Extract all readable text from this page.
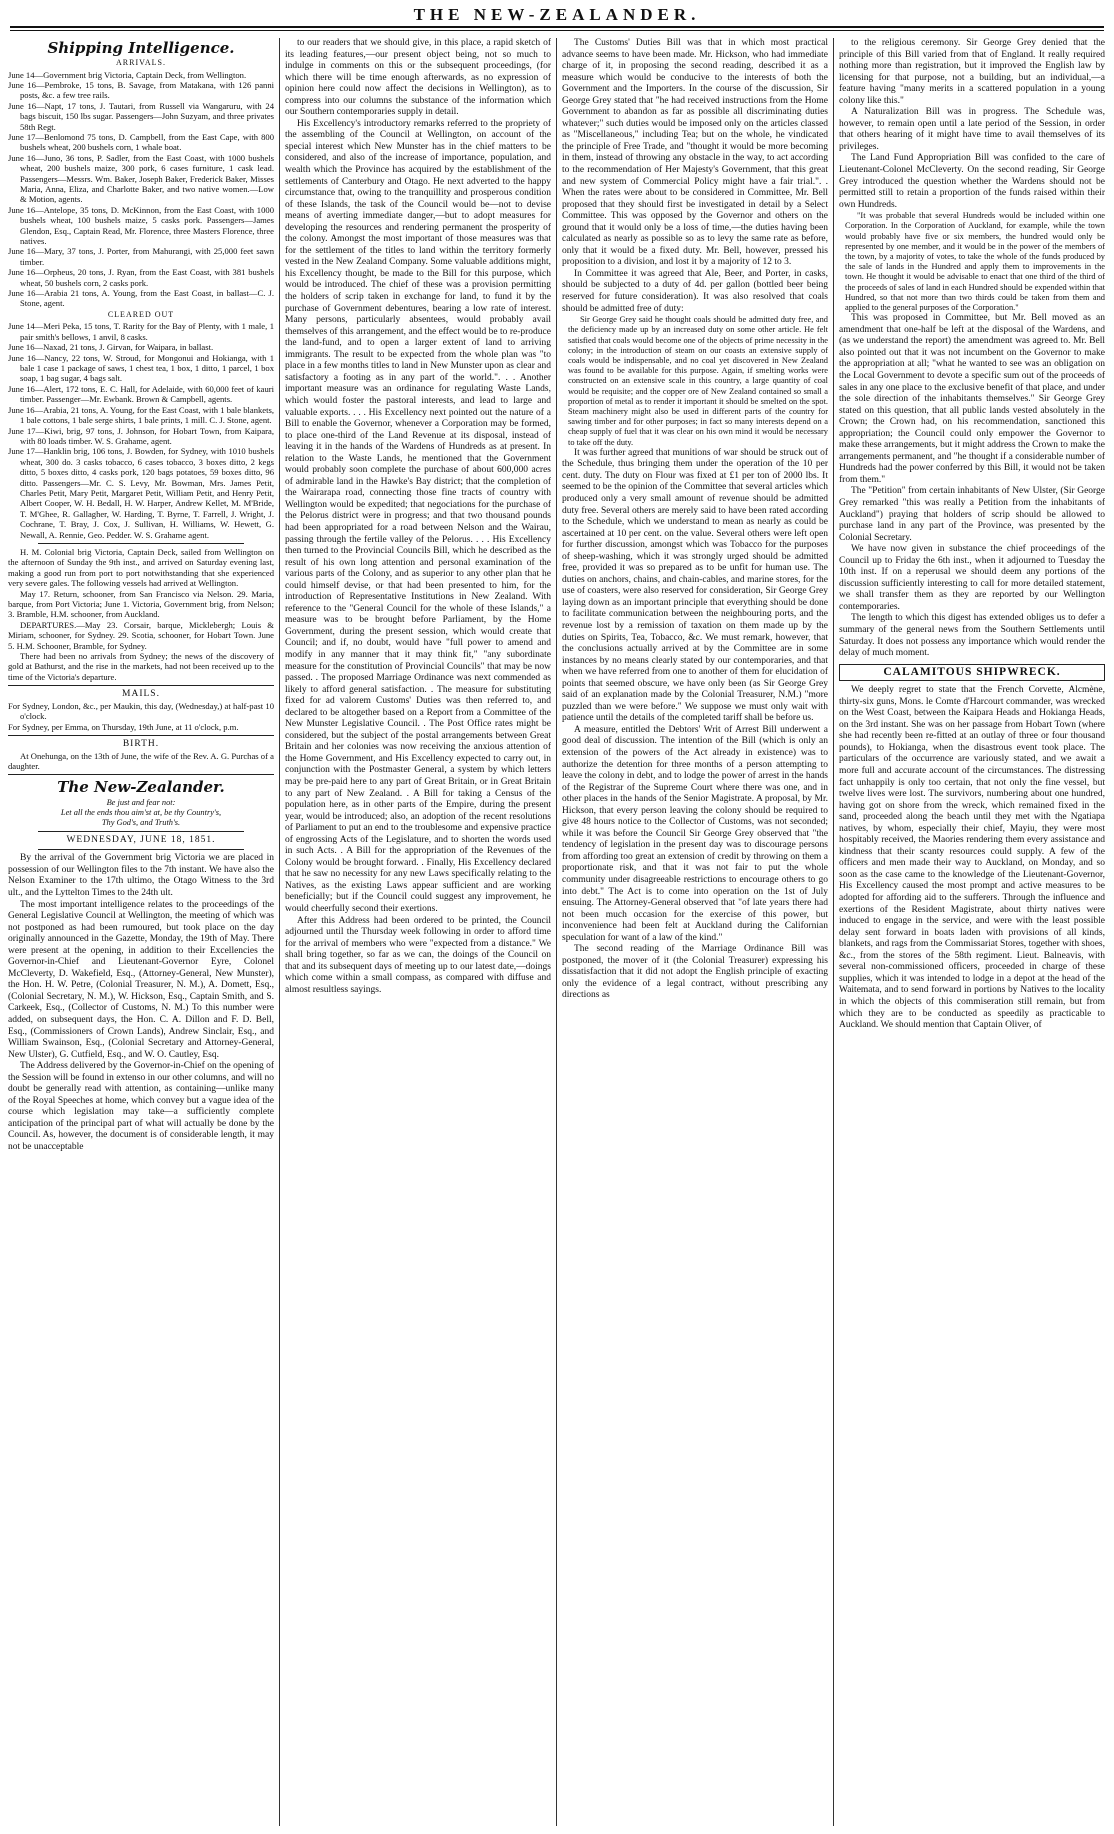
THE NEW-ZEALANDER.
Shipping Intelligence.
ARRIVALS.

June 14—Government brig Victoria, Captain Deck, from Wellington.

June 16—Pembroke, 15 tons, B. Savage, from Matakana, with 126 panni posts, &c. a few tree rails.

June 16—Napt, 17 tons, J. Tautari, from Russell via Wangaruru, with 24 bags biscuit, 150 lbs sugar. Passengers—John Suzyam, and three privates 58th Regt.

June 17—Benlomond 75 tons, D. Campbell, from the East Cape, with 800 bushels wheat, 200 bushels corn, 1 whale boat.

June 16—Juno, 36 tons, P. Sadler, from the East Coast, with 1000 bushels wheat, 200 bushels maize, 300 pork, 6 cases furniture, 1 cask lead. Passengers—Messrs. Wm. Baker, Joseph Baker, Frederick Baker, Misses Maria, Anna, Eliza, and Charlotte Baker, and two native women.—Low & Motion, agents.

June 16—Antelope, 35 tons, D. McKinnon, from the East Coast, with 1000 bushels wheat, 100 bushels maize, 5 casks pork. Passengers—James Glendon, Esq., Captain Read, Mr. Florence, three Masters Florence, three natives.

June 16—Mary, 37 tons, J. Porter, from Mahurangi, with 25,000 feet sawn timber.

June 16—Orpheus, 20 tons, J. Ryan, from the East Coast, with 381 bushels wheat, 50 bushels corn, 2 casks pork.

June 16—Arabia 21 tons, A. Young, from the East Coast, in ballast—C. J. Stone, agent.

CLEARED OUT

June 14—Meri Peka, 15 tons, T. Rarity for the Bay of Plenty, with 1 male, 1 pair smith's bellows, 1 anvil, 8 casks.

June 16—Naxad, 21 tons, J. Girvan, for Waipara, in ballast.

June 16—Nancy, 22 tons, W. Stroud, for Mongonui and Hokianga, with 1 bale 1 case 1 package of saws, 1 chest tea, 1 box, 1 ditto, 1 parcel, 1 box soap, 1 bag sugar, 4 bags salt.

June 16—Alert, 172 tons, E. C. Hall, for Adelaide, with 60,000 feet of kauri timber. Passenger—Mr. Ewbank. Brown & Campbell, agents.

June 16—Arabia, 21 tons, A. Young, for the East Coast, with 1 bale blankets, 1 bale cottons, 1 bale serge shirts, 1 bale prints, 1 mill. C. J. Stone, agent.

June 17—Kiwi, brig, 97 tons, J. Johnson, for Hobart Town, from Kaipara, with 80 loads timber. W. S. Grahame, agent.

June 17—Hanklin brig, 106 tons, J. Bowden, for Sydney, with 1010 bushels wheat, 300 do. 3 casks tobacco, 6 cases tobacco, 3 boxes ditto, 2 kegs ditto, 5 boxes ditto, 4 casks pork, 120 bags potatoes, 59 boxes ditto, 96 ditto. Passengers—Mr. C. S. Levy, Mr. Bowman, Mrs. James Petit, Charles Petit, Mary Petit, Margaret Petit, William Petit, and Henry Petit, Albert Cooper, W. H. Bedall, H. W. Harper, Andrew Kellet, M. M'Bride, T. M'Ghee, R. Gallagher, W. Harding, T. Byrne, T. Farrell, J. Wright, J. Cochrane, T. Bray, J. Cox, J. Sullivan, H. Williams, W. Hewett, G. Newall, A. Rennie, Geo. Pedder. W. S. Grahame agent.

H. M. Colonial brig Victoria, Captain Deck, sailed from Wellington on the afternoon of Sunday the 9th inst., and arrived on Saturday evening last, making a good run from port to port notwithstanding that she experienced very severe gales. The following vessels had arrived at Wellington.

May 17. Return, schooner, from San Francisco via Nelson. 29. Maria, barque, from Port Victoria; June 1. Victoria, Government brig, from Nelson; 3. Bramble, H.M. schooner, from Auckland.

DEPARTURES.—May 23. Corsair, barque, Micklebergh; Louis & Miriam, schooner, for Sydney. 29. Scotia, schooner, for Hobart Town. June 5. H.M. Schooner, Bramble, for Sydney.

There had been no arrivals from Sydney; the news of the discovery of gold at Bathurst, and the rise in the markets, had not been received up to the time of the Victoria's departure.

MAILS.

For Sydney, London, &c., per Maukin, this day, (Wednesday,) at half-past 10 o'clock.

For Sydney, per Emma, on Thursday, 19th June, at 11 o'clock, p.m.

BIRTH.

At Onehunga, on the 13th of June, the wife of the Rev. A. G. Purchas of a daughter.

The New-Zealander.

Be just and fear not:

Let all the ends thou aim'st at, be thy Country's,

Thy God's, and Truth's.

WEDNESDAY, JUNE 18, 1851.

By the arrival of the Government brig Victoria we are placed in possession of our Wellington files to the 7th instant. We have also the Nelson Examiner to the 17th ultimo, the Otago Witness to the 3rd ult., and the Lyttelton Times to the 24th ult.

The most important intelligence relates to the proceedings of the General Legislative Council at Wellington, the meeting of which was not postponed as had been rumoured, but took place on the day originally announced in the Gazette, Monday, the 19th of May. There were present at the opening, in addition to their Excellencies the Governor-in-Chief and Lieutenant-Governor Eyre, Colonel McCleverty, D. Wakefield, Esq., (Attorney-General, New Munster), the Hon. H. W. Petre, (Colonial Treasurer, N. M.), A. Domett, Esq., (Colonial Secretary, N. M.), W. Hickson, Esq., Captain Smith, and S. Carkeek, Esq., (Collector of Customs, N. M.) To this number were added, on subsequent days, the Hon. C. A. Dillon and F. D. Bell, Esq., (Commissioners of Crown Lands), Andrew Sinclair, Esq., and William Swainson, Esq., (Colonial Secretary and Attorney-General, New Ulster), G. Cutfield, Esq., and W. O. Cautley, Esq.

The Address delivered by the Governor-in-Chief on the opening of the Session will be found in extenso in our other columns, and will no doubt be generally read with attention, as containing—unlike many of the Royal Speeches at home, which convey but a vague idea of the course which legislation may take—a sufficiently complete anticipation of the principal part of what will actually be done by the Council. As, however, the document is of considerable length, it may not be unacceptable

to our readers that we should give, in this place, a rapid sketch of its leading features,—our present object being, not so much to indulge in comments on this or the subsequent proceedings, (for which there will be time enough afterwards, as no expression of opinion here could now affect the decisions in Wellington), as to compress into our columns the substance of the information which our Southern contemporaries supply in detail.

His Excellency's introductory remarks referred to the propriety of the assembling of the Council at Wellington, on account of the special interest which New Munster has in the chief matters to be considered, and also of the increase of importance, population, and wealth which the Province has acquired by the establishment of the settlements of Canterbury and Otago. He next adverted to the happy circumstance that, owing to the tranquillity and prosperous condition of these Islands, the task of the Council would be—not to devise means of averting immediate danger,—but to adopt measures for developing the resources and rendering permanent the prosperity of the colony. Amongst the most important of those measures was that for the settlement of the titles to land within the territory formerly vested in the New Zealand Company. Some valuable additions might, his Excellency thought, be made to the Bill for this purpose, which would be introduced. The chief of these was a provision permitting the holders of scrip taken in exchange for land, to fund it by the purchase of Government debentures, bearing a low rate of interest. Many persons, particularly absentees, would probably avail themselves of this arrangement, and the effect would be to re-produce the land-fund, and to open a larger extent of land to arriving immigrants. The result to be expected from the whole plan was "to place in a few months titles to land in New Munster upon as clear and satisfactory a footing as in any part of the world.". . . Another important measure was an ordinance for regulating Waste Lands, which would foster the pastoral interests, and lead to large and valuable exports. . . . His Excellency next pointed out the nature of a Bill to enable the Governor, whenever a Corporation may be formed, to place one-third of the Land Revenue at its disposal, instead of leaving it in the hands of the Wardens of Hundreds as at present. In relation to the Waste Lands, he mentioned that the Government would probably soon complete the purchase of about 600,000 acres of admirable land in the Hawke's Bay district; that the completion of the Wairarapa road, connecting those fine tracts of country with Wellington would be expedited; that negociations for the purchase of the Pelorus district were in progress; and that two thousand pounds had been appropriated for a road between Nelson and the Wairau, passing through the fertile valley of the Pelorus. . . . His Excellency then turned to the Provincial Councils Bill, which he described as the result of his own long attention and personal examination of the various parts of the Colony, and as superior to any other plan that he could himself devise, or that had been presented to him, for the introduction of Representative Institutions in New Zealand. With reference to the "General Council for the whole of these Islands," a measure was to be brought before Parliament, by the Home Government, during the present session, which would create that Council; and if, no doubt, would have "full power to amend and modify in any manner that it may think fit," "any subordinate measure for the constitution of Provincial Councils" that may be now passed. . The proposed Marriage Ordinance was next commended as likely to afford general satisfaction. . The measure for substituting fixed for ad valorem Customs' Duties was then referred to, and declared to be altogether based on a Report from a Committee of the New Munster Legislative Council. . The Post Office rates might be considered, but the subject of the postal arrangements between Great Britain and her colonies was now receiving the anxious attention of the Home Government, and His Excellency expected to carry out, in conjunction with the Postmaster General, a system by which letters may be pre-paid here to any part of Great Britain, or in Great Britain to any part of New Zealand. . A Bill for taking a Census of the population here, as in other parts of the Empire, during the present year, would be introduced; also, an adoption of the recent resolutions of Parliament to put an end to the troublesome and expensive practice of engrossing Acts of the Legislature, and to shorten the words used in such Acts. . A Bill for the appropriation of the Revenues of the Colony would be brought forward. . Finally, His Excellency declared that he saw no necessity for any new Laws specifically relating to the Natives, as the existing Laws appear sufficient and are working beneficially; but if the Council could suggest any improvement, he would cheerfully second their exertions.

After this Address had been ordered to be printed, the Council adjourned until the Thursday week following in order to afford time for the arrival of members who were "expected from a distance." We shall bring together, so far as we can, the doings of the Council on that and its subsequent days of meeting up to our latest date,—doings which come within a small compass, as compared with diffuse and almost resultless sayings.

The Customs' Duties Bill was that in which most practical advance seems to have been made. Mr. Hickson, who had immediate charge of it, in proposing the second reading, described it as a measure which would be conducive to the interests of both the Government and the Importers. In the course of the discussion, Sir George Grey stated that "he had received instructions from the Home Government to abandon as far as possible all discriminating duties whatever;" such duties would be imposed only on the articles classed as "Miscellaneous," including Tea; but on the whole, he vindicated the principle of Free Trade, and "thought it would be more becoming in them, instead of throwing any obstacle in the way, to act according to the recommendation of Her Majesty's Government, that this great and new system of Commercial Policy might have a fair trial.". . When the rates were about to be considered in Committee, Mr. Bell proposed that they should first be investigated in detail by a Select Committee. This was opposed by the Governor and others on the ground that it would only be a loss of time,—the duties having been calculated as nearly as possible so as to levy the same rate as before, only that it would be a fixed duty. Mr. Bell, however, pressed his proposition to a division, and lost it by a majority of 12 to 3.

In Committee it was agreed that Ale, Beer, and Porter, in casks, should be subjected to a duty of 4d. per gallon (bottled beer being reserved for future consideration). It was also resolved that coals should be admitted free of duty:

Sir George Grey said he thought coals should be admitted duty free, and the deficiency made up by an increased duty on some other article. He felt satisfied that coals would become one of the objects of prime necessity in the colony; in the introduction of steam on our coasts an extensive supply of coals would be indispensable, and no coal yet discovered in New Zealand was found to be available for this purpose. Again, if smelting works were constructed on an extensive scale in this country, a large quantity of coal would be requisite; and the copper ore of New Zealand contained so small a proportion of metal as to render it important it should be smelted on the spot. Steam machinery might also be used in different parts of the country for sawing timber and for other purposes; in fact so many interests depend on a cheap supply of fuel that it was clear on his own mind it would be necessary to take off the duty.

It was further agreed that munitions of war should be struck out of the Schedule, thus bringing them under the operation of the 10 per cent. duty. The duty on Flour was fixed at £1 per ton of 2000 lbs. It seemed to be the opinion of the Committee that several articles which produced only a very small amount of revenue should be admitted duty free. Several others are merely said to have been rated according to the Schedule, which we understand to mean as nearly as could be ascertained at 10 per cent. on the value. Several others were left open for further discussion, amongst which was Tobacco for the purposes of sheep-washing, which it was strongly urged should be admitted free, provided it was so prepared as to be unfit for human use. The duties on anchors, chains, and chain-cables, and marine stores, for the use of coasters, were also reserved for consideration, Sir George Grey laying down as an important principle that everything should be done to facilitate communication between the neighbouring ports, and the revenue lost by a remission of taxation on them made up by the duties on Spirits, Tea, Tobacco, &c. We must remark, however, that the conclusions actually arrived at by the Committee are in some instances by no means clearly stated by our contemporaries, and that when we have referred from one to another of them for elucidation of points that seemed obscure, we have only been (as Sir George Grey said of an explanation made by the Colonial Treasurer, N.M.) "more puzzled than we were before." We suppose we must only wait with patience until the details of the completed tariff shall be before us.

A measure, entitled the Debtors' Writ of Arrest Bill underwent a good deal of discussion. The intention of the Bill (which is only an extension of the powers of the Act already in existence) was to authorize the detention for three months of a person attempting to leave the colony in debt, and to lodge the power of arrest in the hands of the Registrar of the Supreme Court where there was one, and in other places in the hands of the Senior Magistrate. A proposal, by Mr. Hickson, that every person leaving the colony should be required to give 48 hours notice to the Collector of Customs, was not seconded; while it was before the Council Sir George Grey observed that "the tendency of legislation in the present day was to discourage persons from affording too great an extension of credit by throwing on them a proportionate risk, and that it was not fair to put the whole community under disagreeable restrictions to encourage others to go into debt." The Act is to come into operation on the 1st of July ensuing. The Attorney-General observed that "of late years there had not been much occasion for the exercise of this power, but inconvenience had been felt at Auckland during the Californian speculation for want of a law of the kind."

The second reading of the Marriage Ordinance Bill was postponed, the mover of it (the Colonial Treasurer) expressing his dissatisfaction that it did not adopt the English principle of exacting only the evidence of a legal contract, without prescribing any directions as

to the religious ceremony. Sir George Grey denied that the principle of this Bill varied from that of England. It really required nothing more than registration, but it improved the English law by licensing for that purpose, not a building, but an individual,—a feature having "many merits in a scattered population in a young colony like this."

A Naturalization Bill was in progress. The Schedule was, however, to remain open until a late period of the Session, in order that others hearing of it might have time to avail themselves of its privileges.

The Land Fund Appropriation Bill was confided to the care of Lieutenant-Colonel McCleverty. On the second reading, Sir George Grey introduced the question whether the Wardens should not be permitted still to retain a proportion of the funds raised within their own Hundreds.

"It was probable that several Hundreds would be included within one Corporation. In the Corporation of Auckland, for example, while the town would probably have five or six members, the hundred would only be represented by one member, and it would be in the power of the members of the town, by a majority of votes, to take the whole of the funds produced by the sale of lands in the Hundred and apply them to improvements in the town. He thought it would be advisable to enact that one third of the third of the proceeds of sales of land in each Hundred should be expended within that Hundred, so that not more than two thirds could be taken from them and applied to the general purposes of the Corporation."

This was proposed in Committee, but Mr. Bell moved as an amendment that one-half be left at the disposal of the Wardens, and (as we understand the report) the amendment was agreed to. Mr. Bell also pointed out that it was not incumbent on the Governor to make the appropriation at all; "what he wanted to see was an obligation on the Local Government to devote a specific sum out of the proceeds of sales in any one place to the exclusive benefit of that place, and under the sole direction of the inhabitants themselves." Sir George Grey stated on this question, that all public lands vested absolutely in the Crown; the Crown had, on his recommendation, sanctioned this appropriation; the Council could only empower the Governor to make these arrangements, but it might address the Crown to make the arrangements permanent, and "he thought if a considerable number of Hundreds had the power conferred by this Bill, it would not be taken from them."

The "Petition" from certain inhabitants of New Ulster, (Sir George Grey remarked "this was really a Petition from the inhabitants of Auckland") praying that holders of scrip should be allowed to purchase land in any part of the Province, was presented by the Colonial Secretary.

We have now given in substance the chief proceedings of the Council up to Friday the 6th inst., when it adjourned to Tuesday the 10th inst. If on a reperusal we should deem any portions of the discussion sufficiently interesting to call for more detailed statement, we shall transfer them as they are reported by our Wellington contemporaries.

The length to which this digest has extended obliges us to defer a summary of the general news from the Southern Settlements until Saturday. It does not possess any importance which would render the delay of much moment.

CALAMITOUS SHIPWRECK.

We deeply regret to state that the French Corvette, Alcmène, thirty-six guns, Mons. le Comte d'Harcourt commander, was wrecked on the West Coast, between the Kaipara Heads and Hokianga Heads, on the 3rd instant. She was on her passage from Hobart Town (where she had recently been re-fitted at an outlay of three or four thousand pounds), to Hokianga, when the disastrous event took place. The particulars of the occurrence are variously stated, and we await a more full and accurate account of the circumstances. The distressing fact unhappily is only too certain, that not only the fine vessel, but twelve lives were lost. The survivors, numbering about one hundred, having got on shore from the wreck, which remained fixed in the sand, proceeded along the beach until they met with the Ngatiapa natives, by whom, especially their chief, Mayiu, they were most hospitably received, the Maories rendering them every assistance and kindness that their scanty resources could supply. A few of the officers and men made their way to Auckland, on Monday, and so soon as the case came to the knowledge of the Lieutenant-Governor, His Excellency caused the most prompt and active measures to be adopted for affording aid to the sufferers. Through the influence and exertions of the Resident Magistrate, about thirty natives were induced to engage in the service, and were with the least possible delay sent forward in boats laden with provisions of all kinds, blankets, and rags from the Commissariat Stores, together with shoes, &c., from the stores of the 58th regiment. Lieut. Balneavis, with several non-commissioned officers, proceeded in charge of these supplies, which it was intended to lodge in a depot at the head of the Waitemata, and to send forward in portions by Natives to the locality in which the objects of this commiseration still remain, but from which they are to be conducted as speedily as practicable to Auckland. We should mention that Captain Oliver, of
